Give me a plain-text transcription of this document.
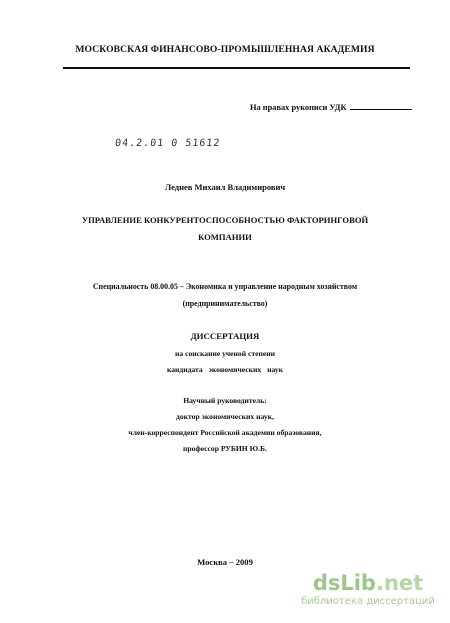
МОСКОВСКАЯ ФИНАНСОВО-ПРОМЫШЛЕННАЯ АКАДЕМИЯ
На правах рукописи УДК
04.2.01 0 51612
Леднев Михаил Владимирович
УПРАВЛЕНИЕ КОНКУРЕНТОСПОСОБНОСТЬЮ ФАКТОРИНГОВОЙ
КОМПАНИИ
Специальность 08.00.05 – Экономика и управление народным хозяйством
(предпринимательство)
ДИССЕРТАЦИЯ
на соискание ученой степени
кандидата экономических наук
Научный руководитель:
доктор экономических наук,
член-корреспондент Российской академии образования,
профессор РУБИН Ю.Б.
Москва – 2009
dsLib.net
библиотека диссертаций
